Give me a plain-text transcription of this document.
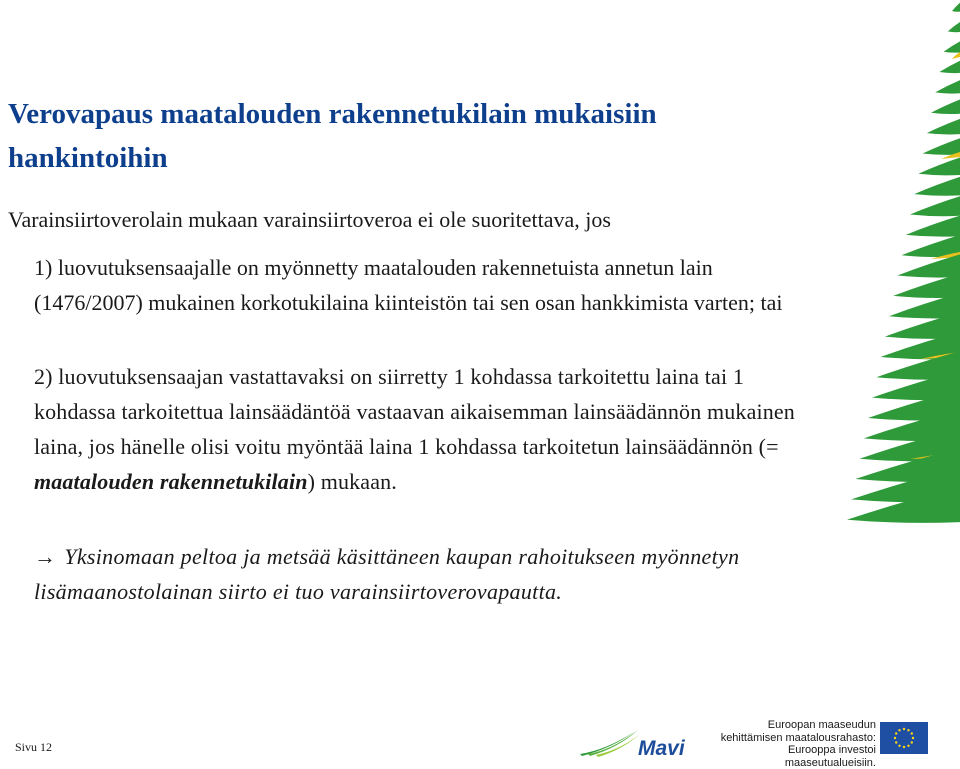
Verovapaus maatalouden rakennetukilain mukaisiin hankintoihin

Varainsiirtoverolain mukaan varainsiirtoveroa ei ole suoritettava, jos

1) luovutuksensaajalle on myönnetty maatalouden rakennetuista annetun lain (1476/2007) mukainen korkotukilaina kiinteistön tai sen osan hankkimista varten; tai

2) luovutuksensaajan vastattavaksi on siirretty 1 kohdassa tarkoitettu laina tai 1 kohdassa tarkoitettua lainsäädäntöä vastaavan aikaisemman lainsäädännön mukainen laina, jos hänelle olisi voitu myöntää laina 1 kohdassa tarkoitetun lainsäädännön (= maatalouden rakennetukilain) mukaan.

→ Yksinomaan peltoa ja metsää käsittäneen kaupan rahoitukseen myönnetyn lisämaanostolainan siirto ei tuo varainsiirtoverovapautta.

Sivu 12	Mavi

Euroopan maaseudun
kehittämisen maatalousrahasto:
Eurooppa investoi maaseutualueisiin.
